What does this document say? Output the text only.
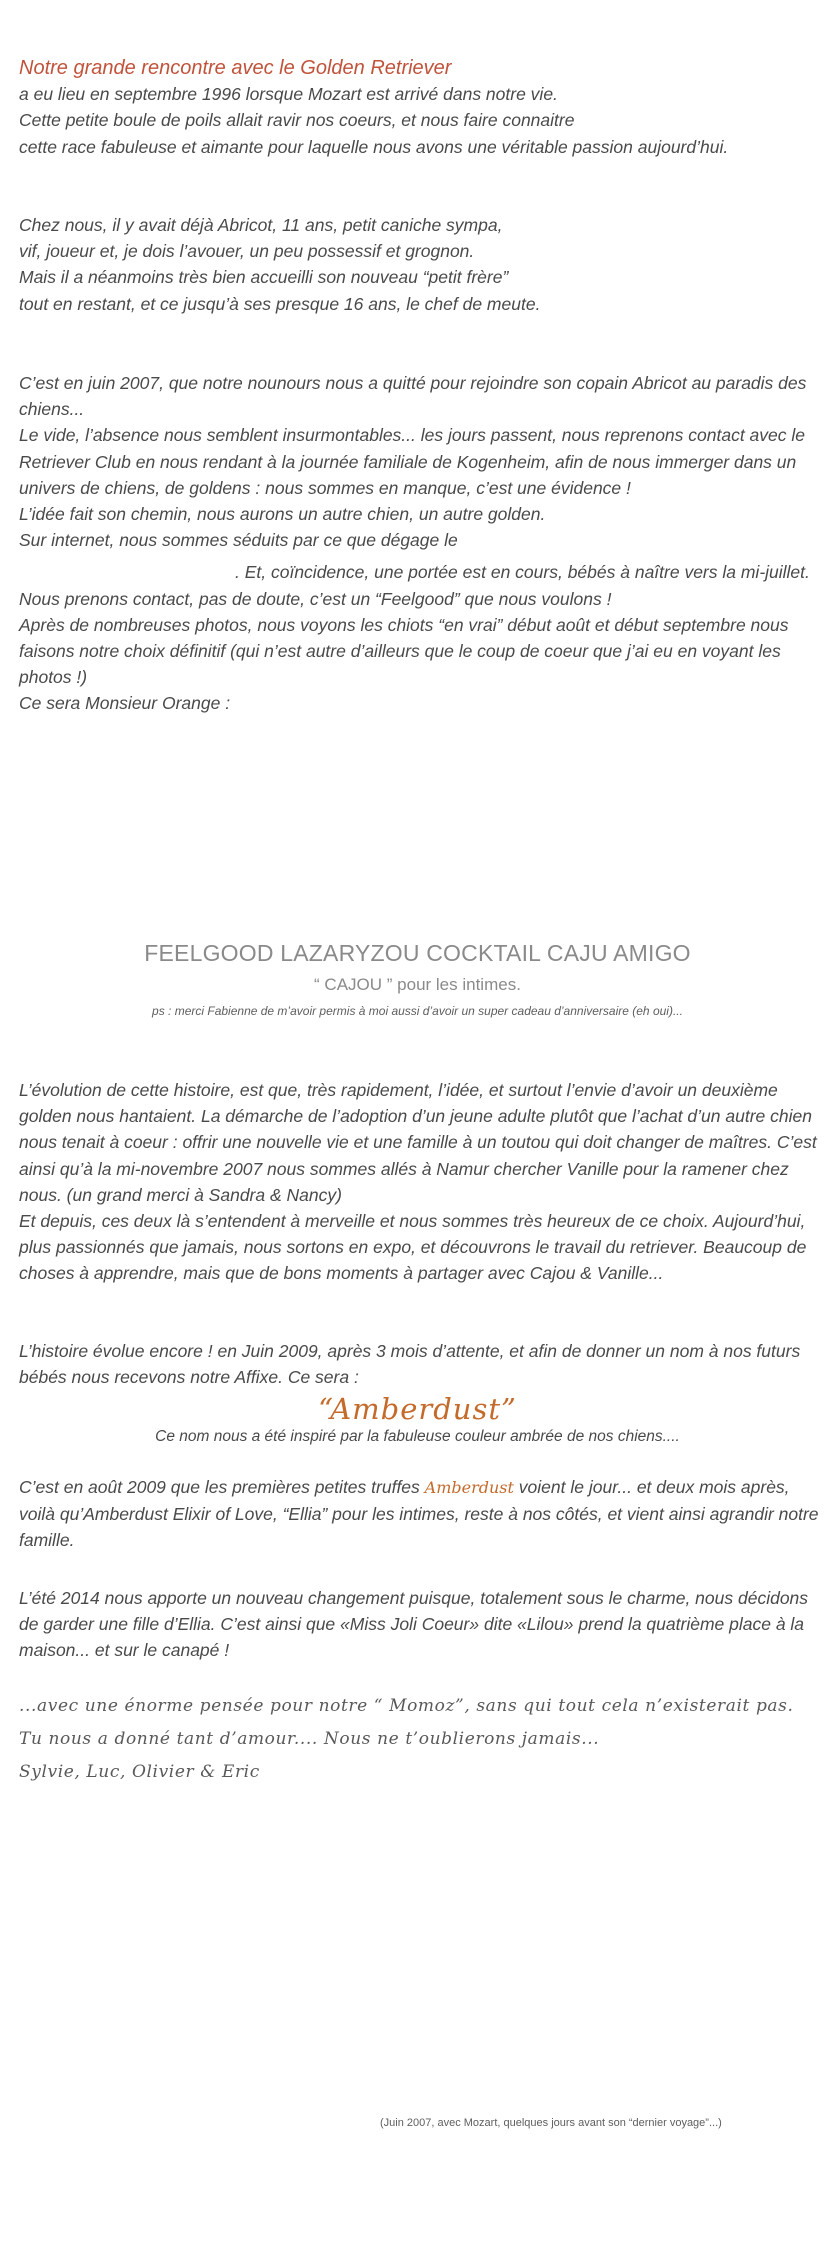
Notre grande rencontre avec le Golden Retriever

a eu lieu en septembre 1996 lorsque Mozart est arrivé dans notre vie.

Cette petite boule de poils allait ravir nos coeurs, et nous faire connaitre

cette race fabuleuse et aimante pour laquelle nous avons une véritable passion aujourd’hui.

Chez nous, il y avait déjà Abricot, 11 ans, petit caniche sympa,

vif, joueur et, je dois l’avouer, un peu possessif et grognon.

Mais il a néanmoins très bien accueilli son nouveau “petit frère”

tout en restant, et ce jusqu’à ses presque 16 ans, le chef de meute.

C’est en juin 2007, que notre nounours nous a quitté pour rejoindre son copain Abricot au paradis des chiens...

Le vide, l’absence nous semblent insurmontables... les jours passent, nous reprenons contact avec le Retriever Club en nous rendant à la journée familiale de Kogenheim, afin de nous immerger dans un univers de chiens, de goldens : nous sommes en manque, c’est une évidence !

L’idée fait son chemin, nous aurons un autre chien, un autre golden.

Sur internet, nous sommes séduits par ce que dégage le

. Et, coïncidence, une portée est en cours, bébés à naître vers la mi-juillet. Nous prenons contact, pas de doute, c’est un “Feelgood” que nous voulons !

Après de nombreuses photos, nous voyons les chiots “en vrai” début août et début septembre nous faisons notre choix définitif (qui n’est autre d’ailleurs que le coup de coeur que j’ai eu en voyant les photos !)

Ce sera Monsieur Orange :

FEELGOOD LAZARYZOU COCKTAIL CAJU AMIGO

“ CAJOU ” pour les intimes.

ps : merci Fabienne de m’avoir permis à moi aussi d’avoir un super cadeau d’anniversaire (eh oui)...

L’évolution de cette histoire, est que, très rapidement, l’idée, et surtout l’envie d’avoir un deuxième golden nous hantaient. La démarche de l’adoption d’un jeune adulte plutôt que l’achat d’un autre chien nous tenait à coeur : offrir une nouvelle vie et une famille à un toutou qui doit changer de maîtres. C’est ainsi qu’à la mi-novembre 2007 nous sommes allés à Namur chercher Vanille pour la ramener chez nous. (un grand merci à Sandra & Nancy)

Et depuis, ces deux là s’entendent à merveille et nous sommes très heureux de ce choix. Aujourd’hui, plus passionnés que jamais, nous sortons en expo, et découvrons le travail du retriever. Beaucoup de choses à apprendre, mais que de bons moments à partager avec Cajou & Vanille...

L’histoire évolue encore ! en Juin 2009, après 3 mois d’attente, et afin de donner un nom à nos futurs bébés nous recevons notre Affixe. Ce sera :

“Amberdust”

Ce nom nous a été inspiré par la fabuleuse couleur ambrée de nos chiens....

C’est en août 2009 que les premières petites truffes Amberdust voient le jour... et deux mois après, voilà qu’Amberdust Elixir of Love, “Ellia” pour les intimes, reste à nos côtés, et vient ainsi agrandir notre famille.

L’été 2014 nous apporte un nouveau changement puisque, totalement sous le charme, nous décidons de garder une fille d’Ellia. C’est ainsi que «Miss Joli Coeur» dite «Lilou» prend la quatrième place à la maison... et sur le canapé !

...avec une énorme pensée pour notre “ Momoz”, sans qui tout cela n’existerait pas. Tu nous a donné tant d’amour.... Nous ne t’oublierons jamais...

Sylvie, Luc, Olivier & Eric

(Juin 2007, avec Mozart, quelques jours avant son “dernier voyage”...)
